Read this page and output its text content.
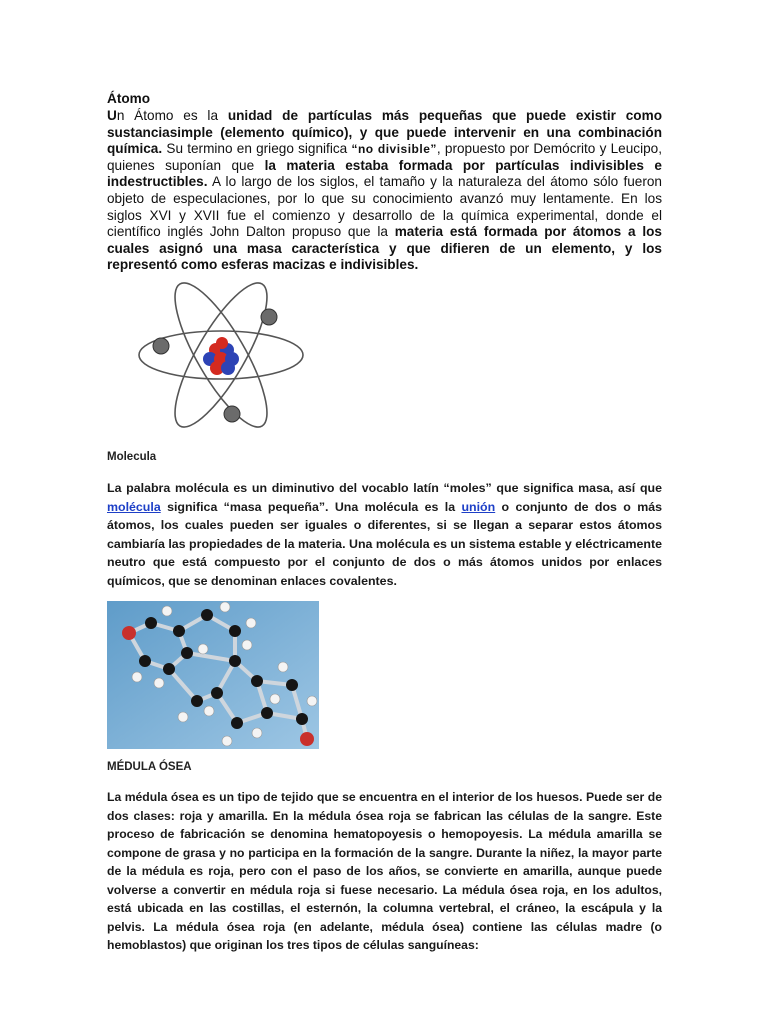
Átomo

Un Átomo es la unidad de partículas más pequeñas que puede existir como sustanciasimple (elemento químico), y que puede intervenir en una combinación química. Su termino en griego significa “no divisible”, propuesto por Demócrito y Leucipo, quienes suponían que la materia estaba formada por partículas indivisibles e indestructibles. A lo largo de los siglos, el tamaño y la naturaleza del átomo sólo fueron objeto de especulaciones, por lo que su conocimiento avanzó muy lentamente. En los siglos XVI y XVII fue el comienzo y desarrollo de la química experimental, donde el científico inglés John Dalton propuso que la materia está formada por átomos a los cuales asignó una masa característica y que difieren de un elemento, y los representó como esferas macizas e indivisibles.

Molecula

La palabra molécula es un diminutivo del vocablo latín “moles” que significa masa, así que molécula significa “masa pequeña”. Una molécula es la unión o conjunto de dos o más átomos, los cuales pueden ser iguales o diferentes, si se llegan a separar estos átomos cambiaría las propiedades de la materia. Una molécula es un sistema estable y eléctricamente neutro que está compuesto por el conjunto de dos o más átomos unidos por enlaces químicos, que se denominan enlaces covalentes.

MÉDULA ÓSEA

La médula ósea es un tipo de tejido que se encuentra en el interior de los huesos. Puede ser de dos clases: roja y amarilla. En la médula ósea roja se fabrican las células de la sangre. Este proceso de fabricación se denomina hematopoyesis o hemopoyesis. La médula amarilla se compone de grasa y no participa en la formación de la sangre. Durante la niñez, la mayor parte de la médula es roja, pero con el paso de los años, se convierte en amarilla, aunque puede volverse a convertir en médula roja si fuese necesario. La médula ósea roja, en los adultos, está ubicada en las costillas, el esternón, la columna vertebral, el cráneo, la escápula y la pelvis. La médula ósea roja (en adelante, médula ósea) contiene las células madre (o hemoblastos) que originan los tres tipos de células sanguíneas:
